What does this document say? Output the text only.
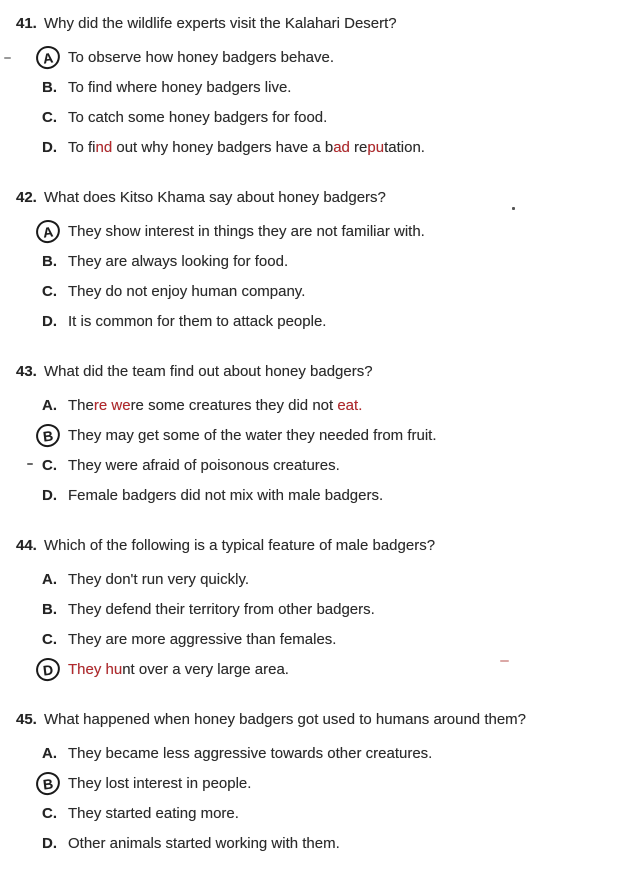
41. Why did the wildlife experts visit the Kalahari Desert?
A To observe how honey badgers behave.
B. To find where honey badgers live.
C. To catch some honey badgers for food.
D. To find out why honey badgers have a bad reputation.
42. What does Kitso Khama say about honey badgers?
A They show interest in things they are not familiar with.
B. They are always looking for food.
C. They do not enjoy human company.
D. It is common for them to attack people.
43. What did the team find out about honey badgers?
A. There were some creatures they did not eat.
B They may get some of the water they needed from fruit.
C. They were afraid of poisonous creatures.
D. Female badgers did not mix with male badgers.
44. Which of the following is a typical feature of male badgers?
A. They don't run very quickly.
B. They defend their territory from other badgers.
C. They are more aggressive than females.
D They hunt over a very large area.
45. What happened when honey badgers got used to humans around them?
A. They became less aggressive towards other creatures.
B They lost interest in people.
C. They started eating more.
D. Other animals started working with them.
